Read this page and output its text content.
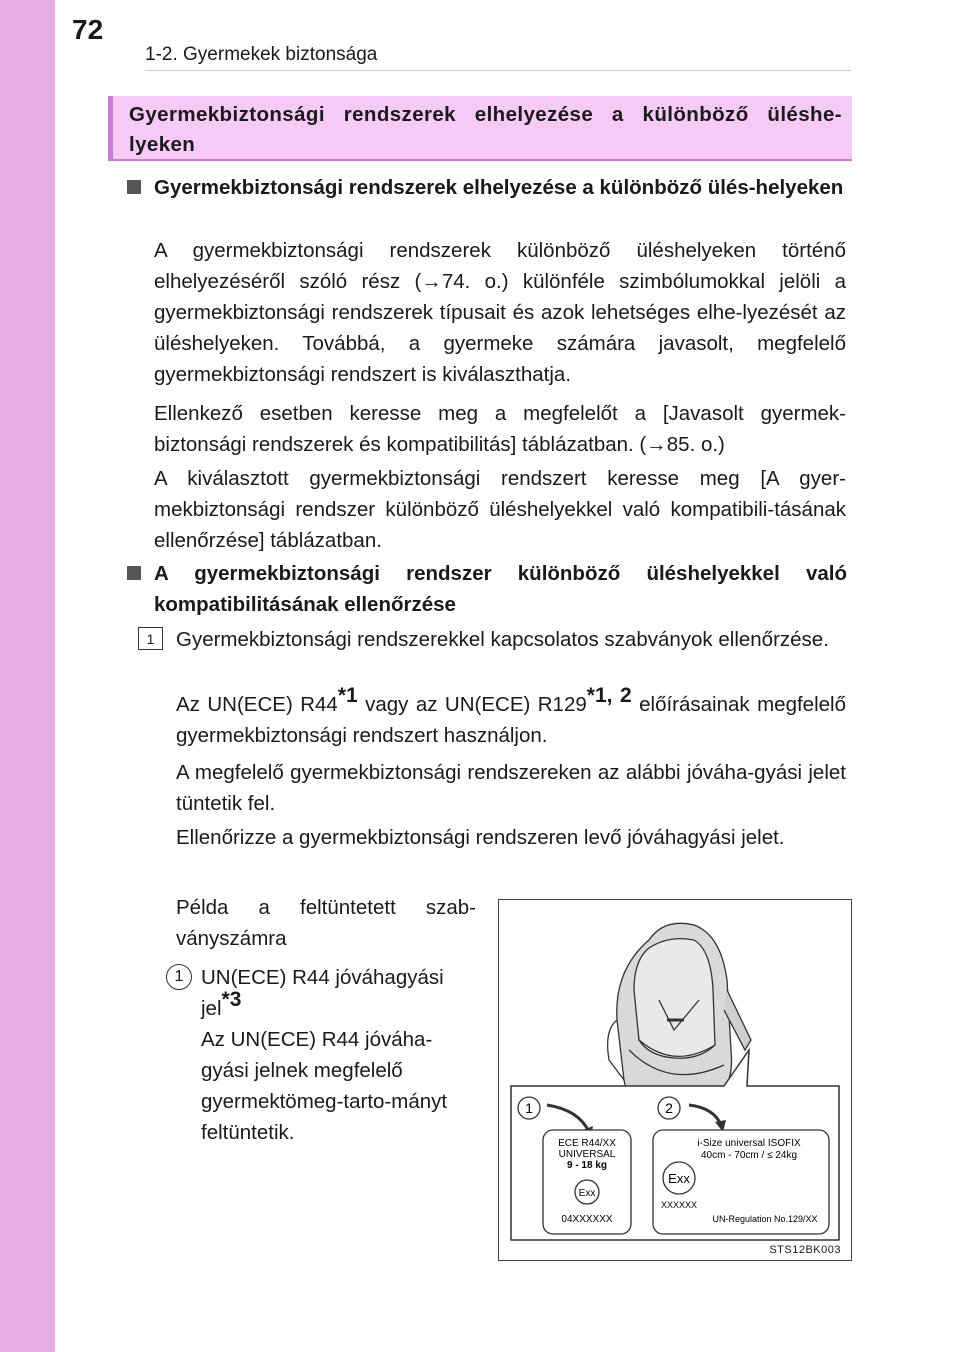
72
1-2. Gyermekek biztonsága
Gyermekbiztonsági rendszerek elhelyezése a különböző üléshe-lyeken
Gyermekbiztonsági rendszerek elhelyezése a különböző ülés-helyeken
A gyermekbiztonsági rendszerek különböző üléshelyeken történő elhelyezéséről szóló rész (→74. o.) különféle szimbólumokkal jelöli a gyermekbiztonsági rendszerek típusait és azok lehetséges elhe-lyezését az üléshelyeken. Továbbá, a gyermeke számára javasolt, megfelelő gyermekbiztonsági rendszert is kiválaszthatja.
Ellenkező esetben keresse meg a megfelelőt a [Javasolt gyermek-biztonsági rendszerek és kompatibilitás] táblázatban. (→85. o.)
A kiválasztott gyermekbiztonsági rendszert keresse meg [A gyer-mekbiztonsági rendszer különböző üléshelyekkel való kompatibili-tásának ellenőrzése] táblázatban.
A gyermekbiztonsági rendszer különböző üléshelyekkel való kompatibilitásának ellenőrzése
1	Gyermekbiztonsági rendszerekkel kapcsolatos szabványok ellenőrzése.
Az UN(ECE) R44$^{*1}$ vagy az UN(ECE) R129$^{*1, 2}$ előírásainak megfelelő gyermekbiztonsági rendszert használjon.
A megfelelő gyermekbiztonsági rendszereken az alábbi jóváha-gyási jelet tüntetik fel.
Ellenőrizze a gyermekbiztonsági rendszeren levő jóváhagyási jelet.
Példa a feltüntetett szab-ványszámra
1 UN(ECE) R44 jóváhagyási jel$^{*3}$
Az UN(ECE) R44 jóváha-gyási jelnek megfelelő gyermektömeg-tarto-mányt feltüntetik.
1	2
ECE R44/XX
UNIVERSAL
9 - 18 kg
Exx
04XXXXXX
i-Size universal ISOFIX
40cm - 70cm / ≤ 24kg
Exx
XXXXXX
UN-Regulation No.129/XX
STS12BK003
